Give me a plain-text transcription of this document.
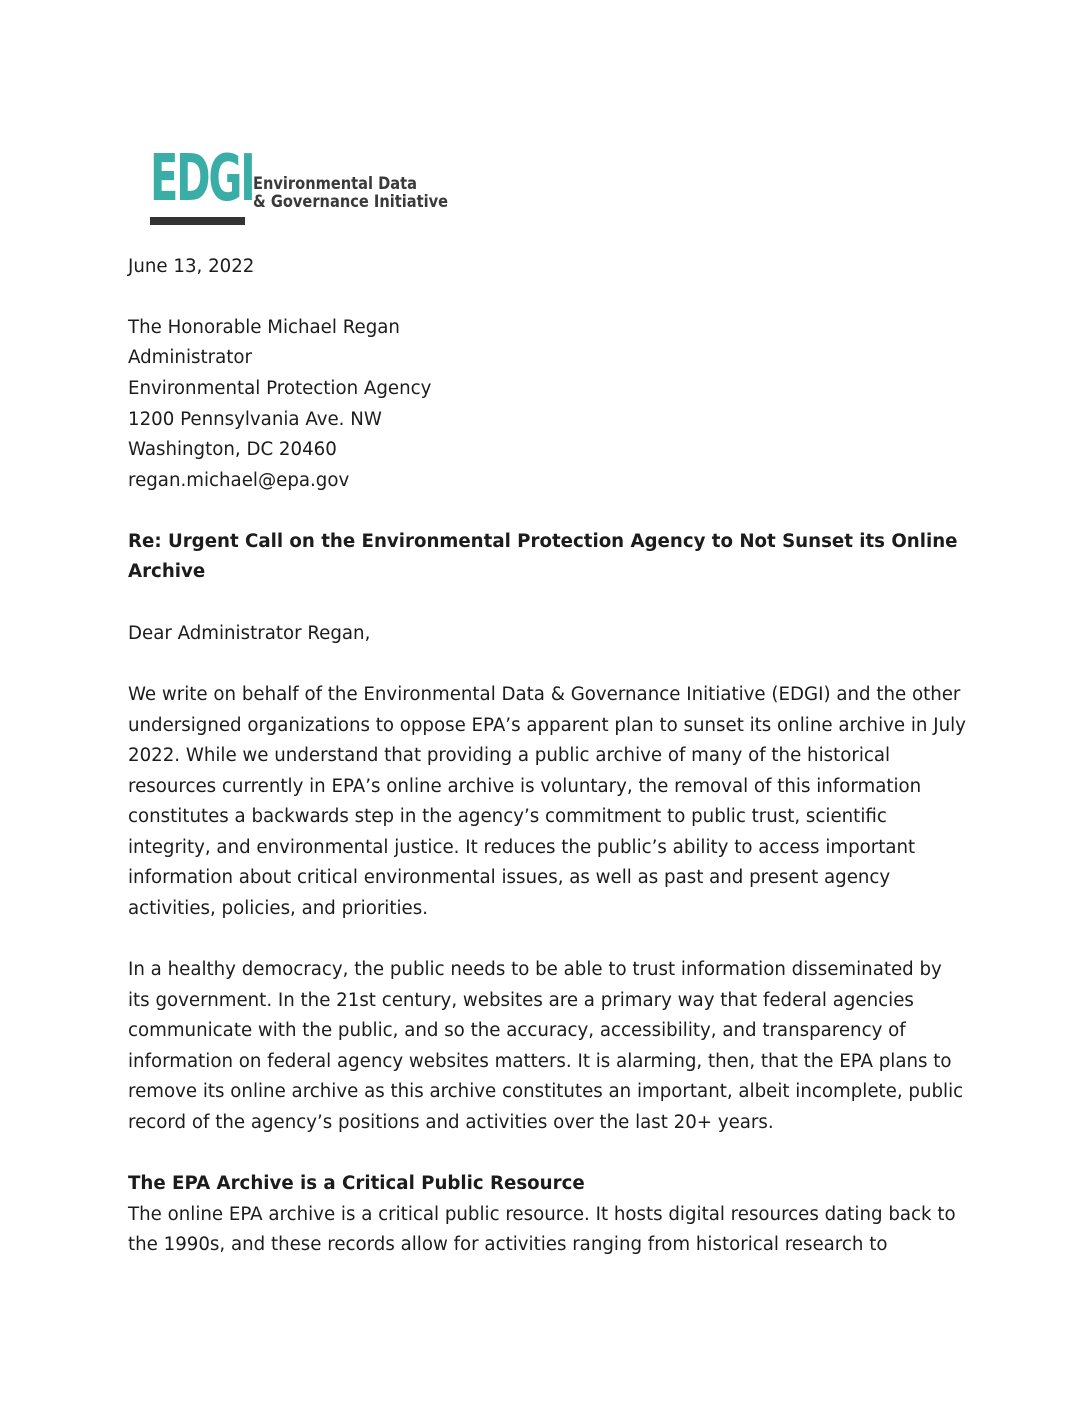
EDGI Environmental Data
& Governance Initiative

June 13, 2022

The Honorable Michael Regan
Administrator
Environmental Protection Agency
1200 Pennsylvania Ave. NW
Washington, DC 20460
regan.michael@epa.gov

Re: Urgent Call on the Environmental Protection Agency to Not Sunset its Online Archive

Dear Administrator Regan,

We write on behalf of the Environmental Data & Governance Initiative (EDGI) and the other undersigned organizations to oppose EPA’s apparent plan to sunset its online archive in July 2022. While we understand that providing a public archive of many of the historical resources currently in EPA’s online archive is voluntary, the removal of this information constitutes a backwards step in the agency’s commitment to public trust, scientific integrity, and environmental justice. It reduces the public’s ability to access important information about critical environmental issues, as well as past and present agency activities, policies, and priorities.

In a healthy democracy, the public needs to be able to trust information disseminated by its government. In the 21st century, websites are a primary way that federal agencies communicate with the public, and so the accuracy, accessibility, and transparency of information on federal agency websites matters. It is alarming, then, that the EPA plans to remove its online archive as this archive constitutes an important, albeit incomplete, public record of the agency’s positions and activities over the last 20+ years.

The EPA Archive is a Critical Public Resource

The online EPA archive is a critical public resource. It hosts digital resources dating back to the 1990s, and these records allow for activities ranging from historical research to
